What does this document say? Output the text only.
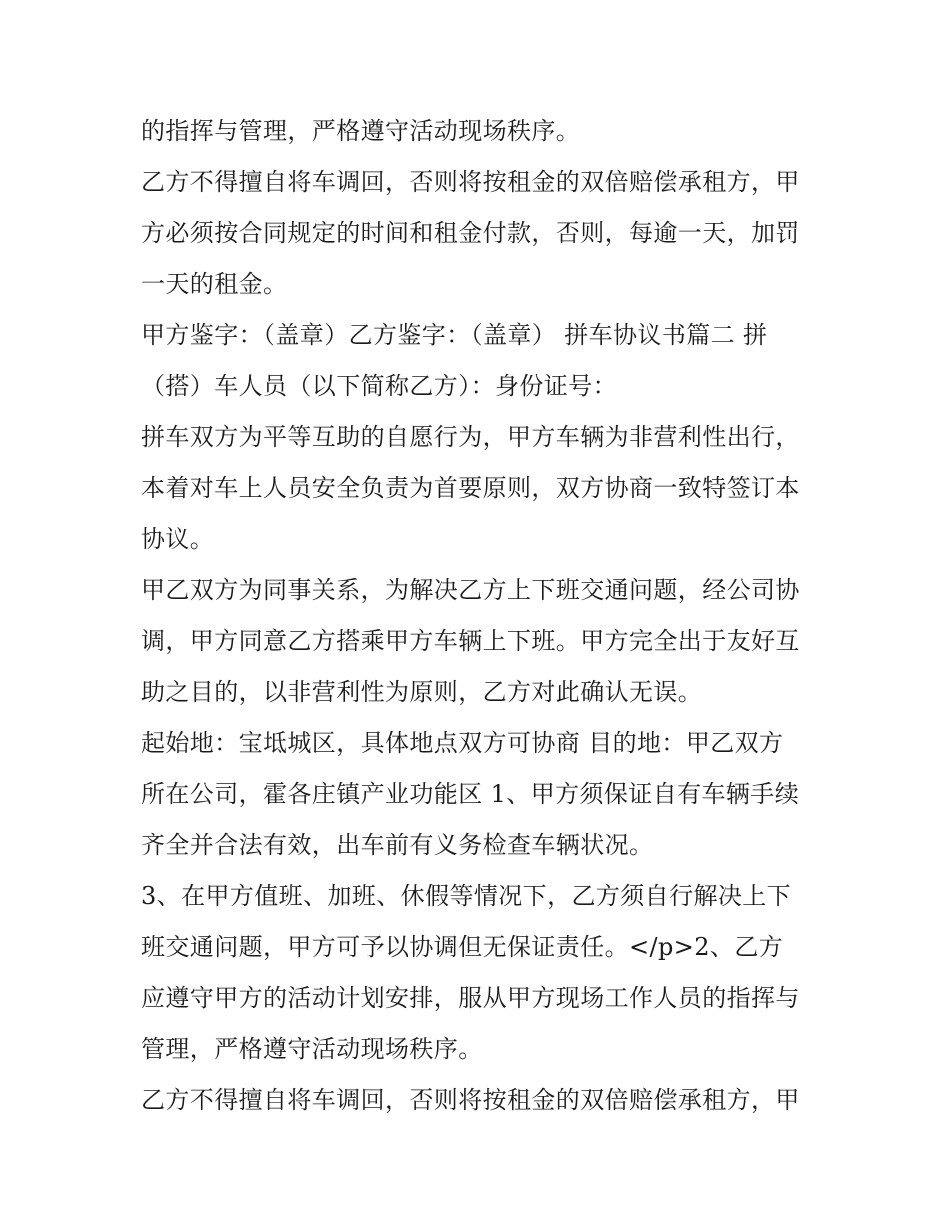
的指挥与管理，严格遵守活动现场秩序。
乙方不得擅自将车调回，否则将按租金的双倍赔偿承租方，甲
方必须按合同规定的时间和租金付款，否则，每逾一天，加罚
一天的租金。
甲方鉴字：（盖章）乙方鉴字：（盖章） 拼车协议书篇二 拼
（搭）车人员（以下简称乙方）：身份证号：
拼车双方为平等互助的自愿行为，甲方车辆为非营利性出行，
本着对车上人员安全负责为首要原则，双方协商一致特签订本
协议。
甲乙双方为同事关系，为解决乙方上下班交通问题，经公司协
调，甲方同意乙方搭乘甲方车辆上下班。甲方完全出于友好互
助之目的，以非营利性为原则，乙方对此确认无误。
起始地：宝坻城区，具体地点双方可协商 目的地：甲乙双方
所在公司，霍各庄镇产业功能区 1、甲方须保证自有车辆手续
齐全并合法有效，出车前有义务检查车辆状况。
3、在甲方值班、加班、休假等情况下，乙方须自行解决上下
班交通问题，甲方可予以协调但无保证责任。</p>2、乙方
应遵守甲方的活动计划安排，服从甲方现场工作人员的指挥与
管理，严格遵守活动现场秩序。
乙方不得擅自将车调回，否则将按租金的双倍赔偿承租方，甲
